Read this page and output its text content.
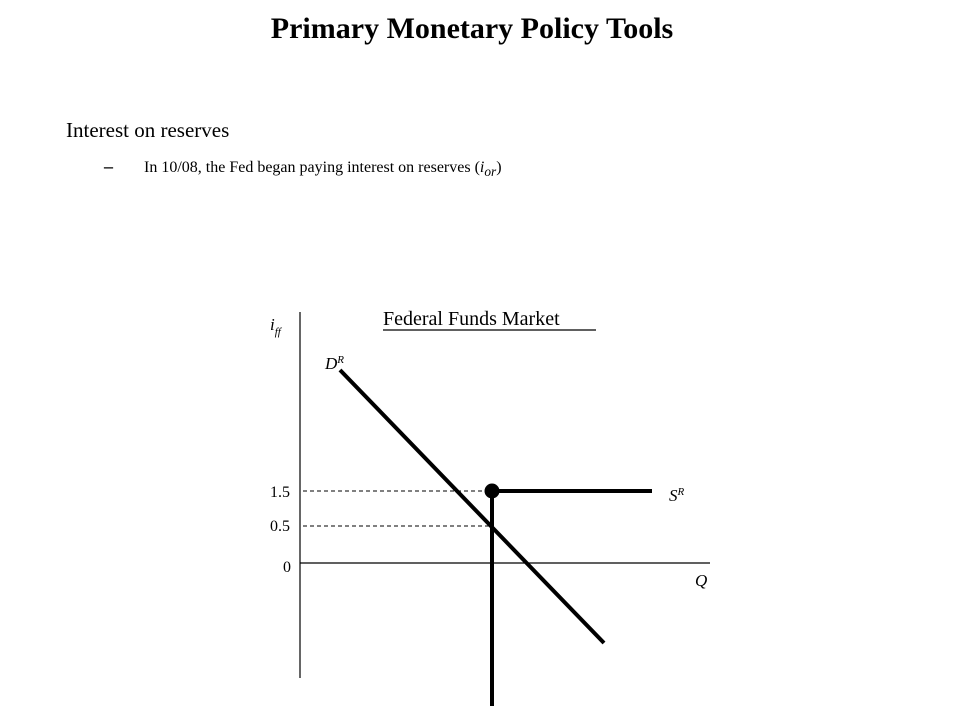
Primary Monetary Policy Tools
Interest on reserves
– In 10/08, the Fed began paying interest on reserves $(i_{or})$
Federal Funds Market
$i_{ff}$
1.5
0.5
0
$D^R$
$S^R$
Q
